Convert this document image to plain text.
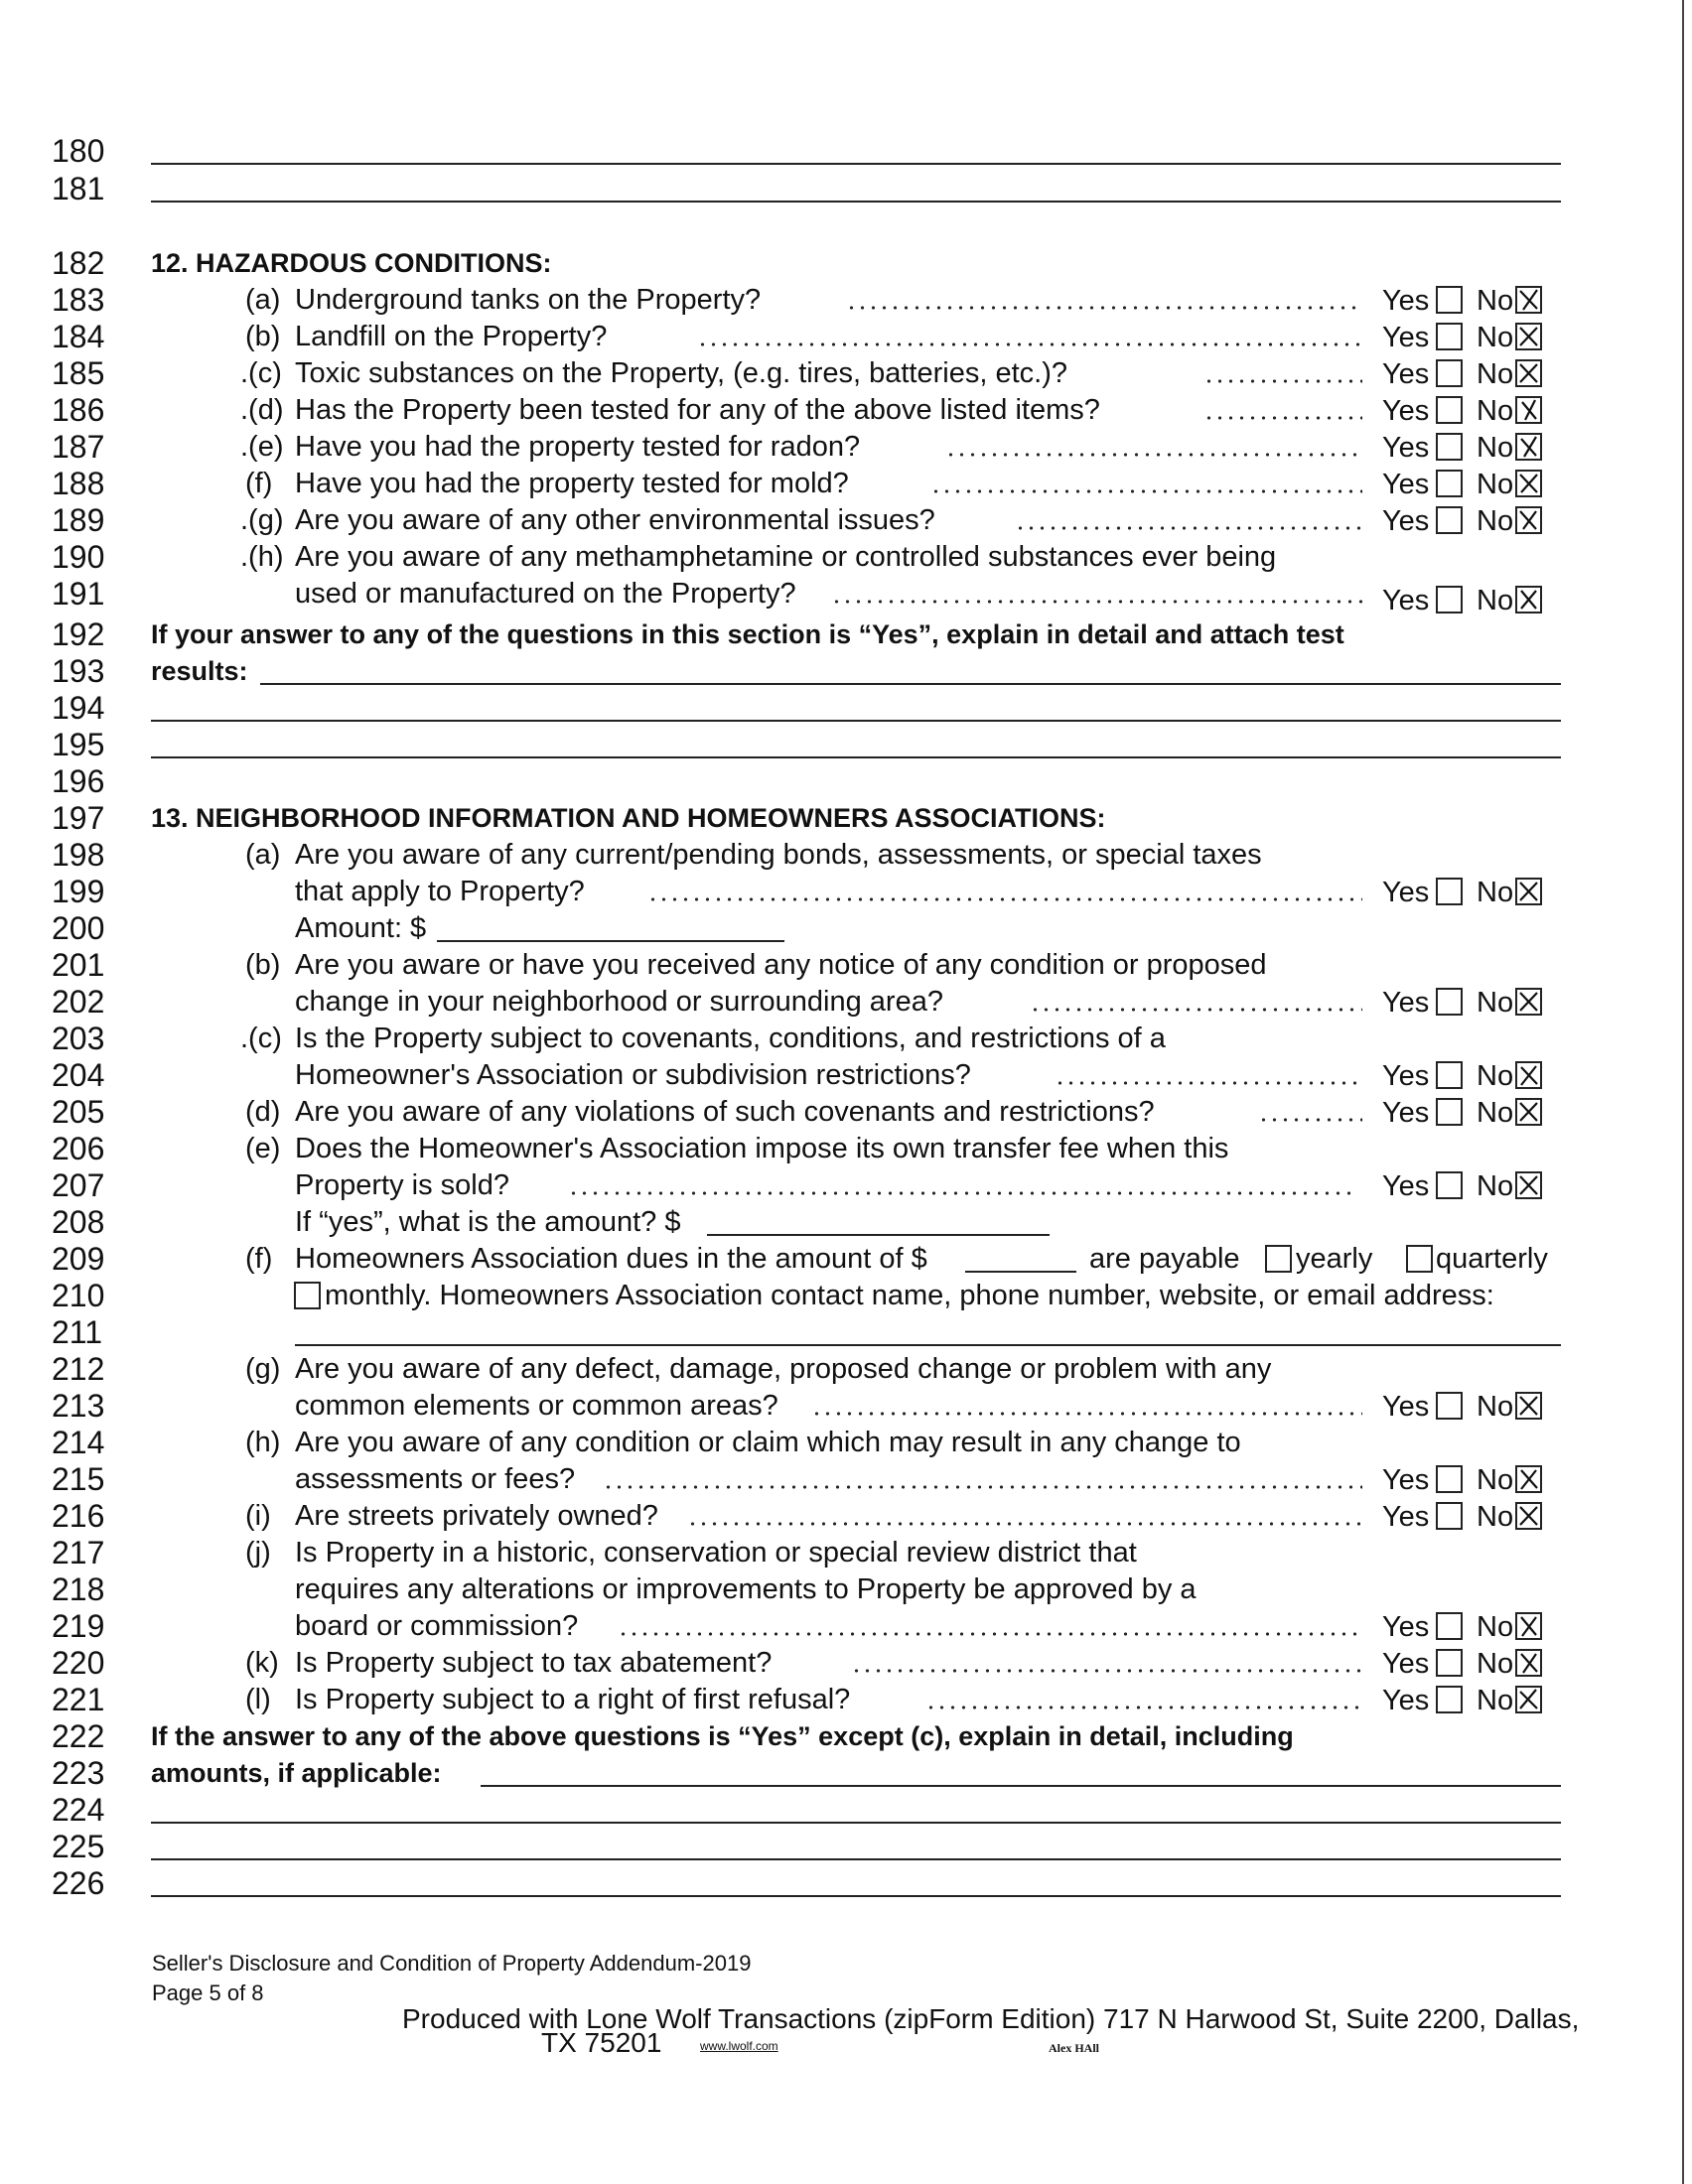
180
181
182	12. HAZARDOUS CONDITIONS:
183	(a) Underground tanks on the Property?	Yes No
184	(b) Landfill on the Property?	Yes No
185	.(c) Toxic substances on the Property, (e.g. tires, batteries, etc.)?	Yes No
186	.(d) Has the Property been tested for any of the above listed items?	Yes No
187	.(e) Have you had the property tested for radon?	Yes No
188	(f) Have you had the property tested for mold?	Yes No
189	.(g) Are you aware of any other environmental issues?	Yes No
190	.(h) Are you aware of any methamphetamine or controlled substances ever being
191	used or manufactured on the Property?	Yes No
192	If your answer to any of the questions in this section is “Yes”, explain in detail and attach test
193	results:
194
195
196
197	13. NEIGHBORHOOD INFORMATION AND HOMEOWNERS ASSOCIATIONS:
198	(a) Are you aware of any current/pending bonds, assessments, or special taxes
199	that apply to Property?	Yes No
200	Amount: $
201	(b) Are you aware or have you received any notice of any condition or proposed
202	change in your neighborhood or surrounding area?	Yes No
203	.(c) Is the Property subject to covenants, conditions, and restrictions of a
204	Homeowner's Association or subdivision restrictions?	Yes No
205	(d) Are you aware of any violations of such covenants and restrictions?	Yes No
206	(e) Does the Homeowner's Association impose its own transfer fee when this
207	Property is sold?	Yes No
208	If “yes”, what is the amount? $
209	(f) Homeowners Association dues in the amount of $	are payable yearly quarterly
210	monthly. Homeowners Association contact name, phone number, website, or email address:
211
212	(g) Are you aware of any defect, damage, proposed change or problem with any
213	common elements or common areas?	Yes No
214	(h) Are you aware of any condition or claim which may result in any change to
215	assessments or fees?	Yes No
216	(i) Are streets privately owned?	Yes No
217	(j) Is Property in a historic, conservation or special review district that
218	requires any alterations or improvements to Property be approved by a
219	board or commission?	Yes No
220	(k) Is Property subject to tax abatement?	Yes No
221	(l) Is Property subject to a right of first refusal?	Yes No
222	If the answer to any of the above questions is “Yes” except (c), explain in detail, including
223	amounts, if applicable:
224
225
226
Seller's Disclosure and Condition of Property Addendum-2019
Page 5 of 8
Produced with Lone Wolf Transactions (zipForm Edition) 717 N Harwood St, Suite 2200, Dallas,
TX 75201	www.lwolf.com	Alex HAll
